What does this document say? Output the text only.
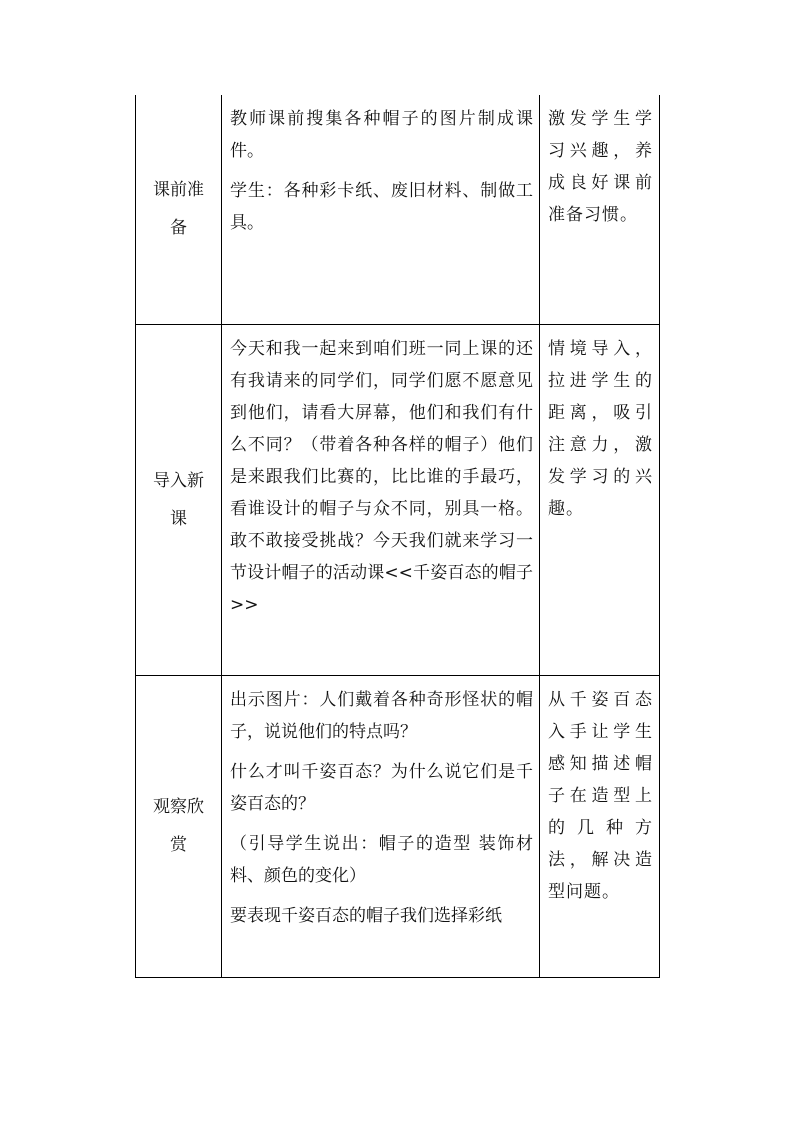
课前准备	教师课前搜集各种帽子的图片制成课件。

学生：各种彩卡纸、废旧材料、制做工具。	激发学生学习兴趣，养成良好课前准备习惯。

导入新课	今天和我一起来到咱们班一同上课的还有我请来的同学们，同学们愿不愿意见到他们，请看大屏幕，他们和我们有什么不同？（带着各种各样的帽子）他们是来跟我们比赛的，比比谁的手最巧，看谁设计的帽子与众不同，别具一格。敢不敢接受挑战？今天我们就来学习一节设计帽子的活动课<<千姿百态的帽子>>	情境导入，拉进学生的距离，吸引注意力，激发学习的兴趣。

观察欣赏	出示图片：人们戴着各种奇形怪状的帽子，说说他们的特点吗？

什么才叫千姿百态？为什么说它们是千姿百态的？

（引导学生说出：帽子的造型 装饰材料、颜色的变化）

要表现千姿百态的帽子我们选择彩纸	从千姿百态入手让学生感知描述帽子在造型上的几种方法，解决造型问题。
